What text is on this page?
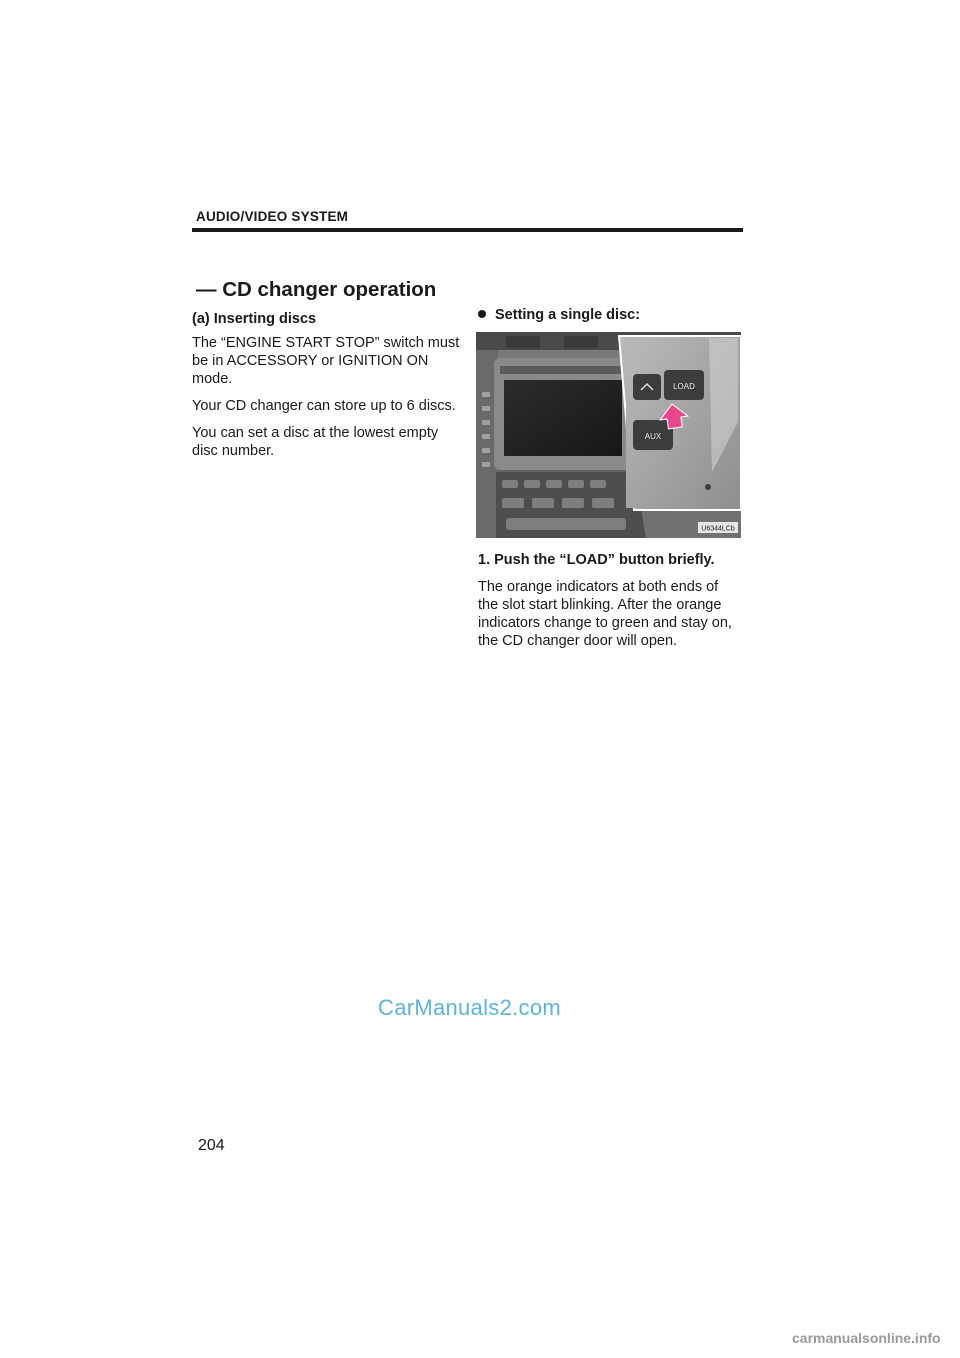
AUDIO/VIDEO SYSTEM
— CD changer operation

(a) Inserting discs

The “ENGINE START STOP” switch must be in ACCESSORY or IGNITION ON mode.

Your CD changer can store up to 6 discs.

You can set a disc at the lowest empty disc number.

Setting a single disc:
LOAD
AUX
U6344LCb

1. Push the “LOAD” button briefly.

The orange indicators at both ends of the slot start blinking. After the orange indicators change to green and stay on, the CD changer door will open.

CarManuals2.com
204
carmanualsonline.info
